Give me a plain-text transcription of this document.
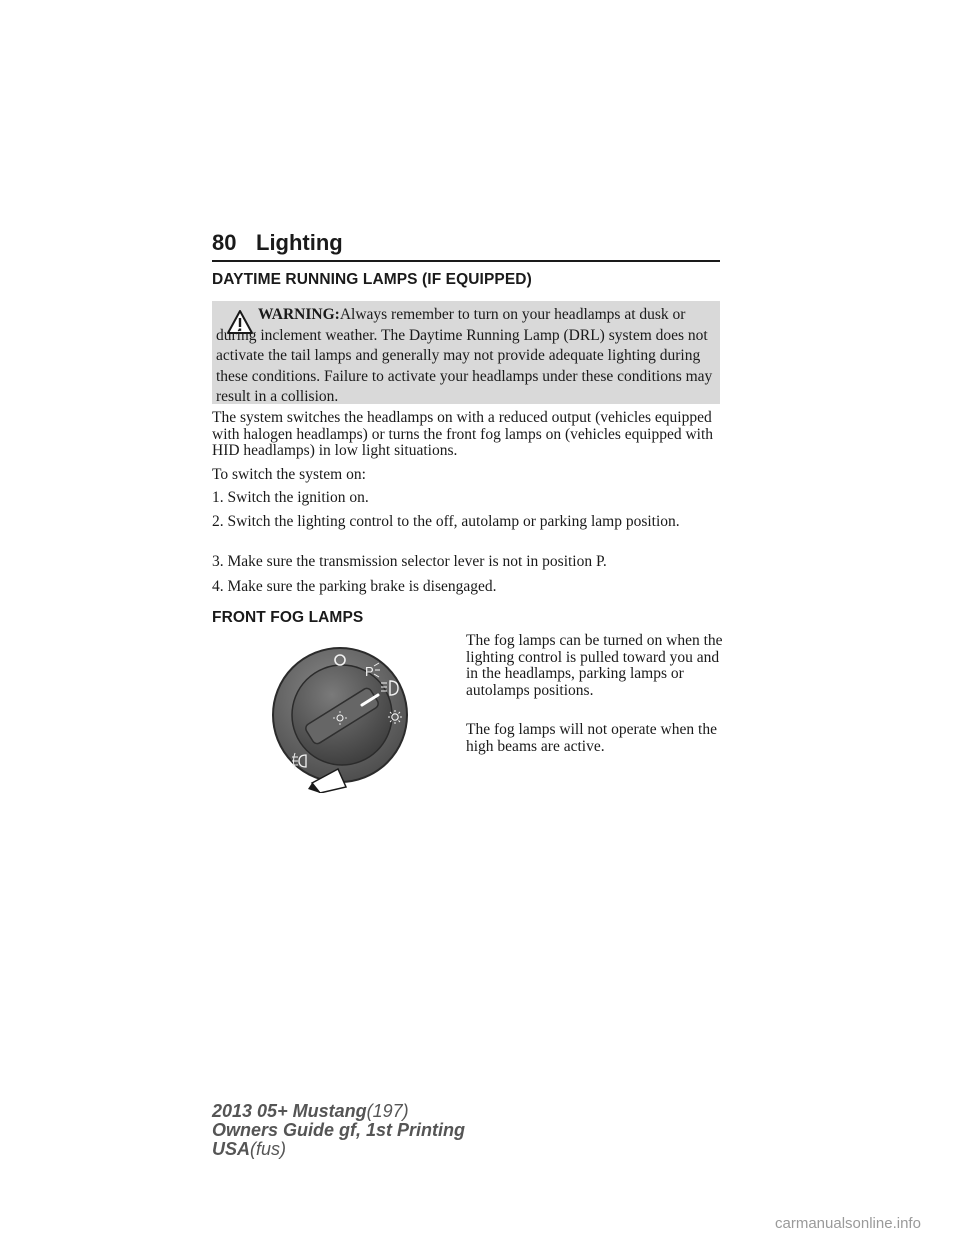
80 Lighting
DAYTIME RUNNING LAMPS (IF EQUIPPED)
WARNING:Always remember to turn on your headlamps at dusk or during inclement weather. The Daytime Running Lamp (DRL) system does not activate the tail lamps and generally may not provide adequate lighting during these conditions. Failure to activate your headlamps under these conditions may result in a collision.

The system switches the headlamps on with a reduced output (vehicles equipped with halogen headlamps) or turns the front fog lamps on (vehicles equipped with HID headlamps) in low light situations.

To switch the system on:

1. Switch the ignition on.

2. Switch the lighting control to the off, autolamp or parking lamp position.

3. Make sure the transmission selector lever is not in position P.

4. Make sure the parking brake is disengaged.

FRONT FOG LAMPS
P

The fog lamps can be turned on when the lighting control is pulled toward you and in the headlamps, parking lamps or autolamps positions.

The fog lamps will not operate when the high beams are active.

2013 05+ Mustang(197)
Owners Guide gf, 1st Printing
USA(fus)
carmanualsonline.info
